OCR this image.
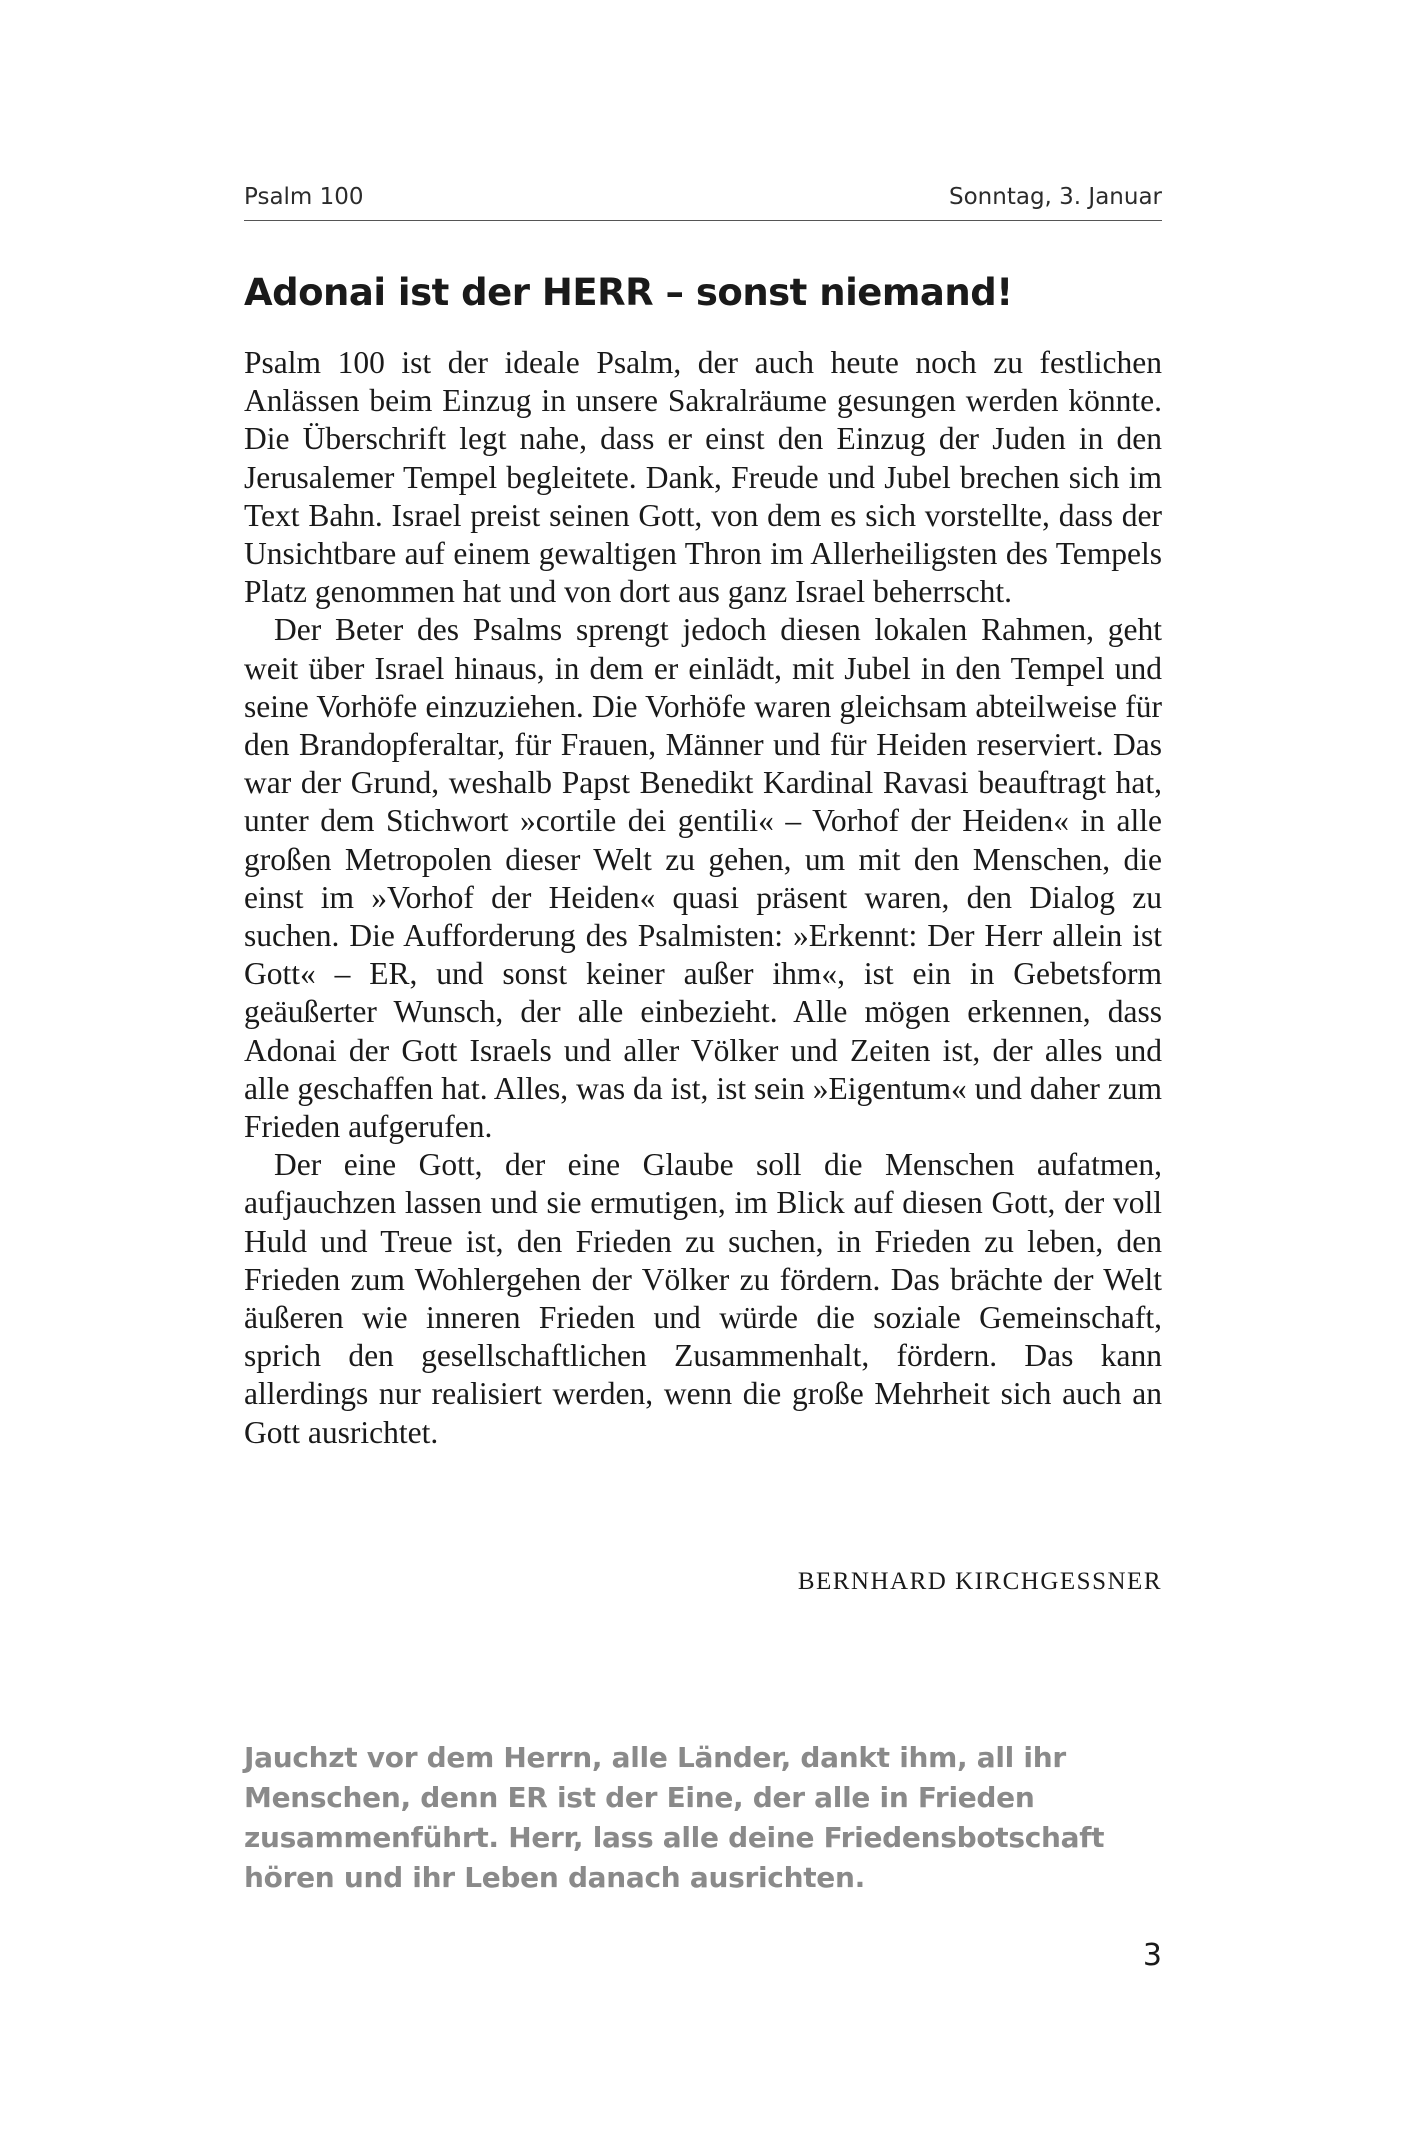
Psalm 100	Sonntag, 3. Januar
Adonai ist der HERR – sonst niemand!

Psalm 100 ist der ideale Psalm, der auch heute noch zu festlichen Anlässen beim Einzug in unsere Sakralräume gesungen werden könnte. Die Überschrift legt nahe, dass er einst den Einzug der Juden in den Jerusalemer Tempel begleitete. Dank, Freude und Jubel brechen sich im Text Bahn. Israel preist seinen Gott, von dem es sich vorstellte, dass der Unsichtbare auf einem gewaltigen Thron im Allerheiligsten des Tempels Platz genommen hat und von dort aus ganz Israel beherrscht.

Der Beter des Psalms sprengt jedoch diesen lokalen Rahmen, geht weit über Israel hinaus, in dem er einlädt, mit Jubel in den Tempel und seine Vorhöfe einzuziehen. Die Vorhöfe waren gleichsam abteilweise für den Brandopferaltar, für Frauen, Männer und für Heiden reserviert. Das war der Grund, weshalb Papst Benedikt Kardinal Ravasi beauftragt hat, unter dem Stichwort »cortile dei gentili« – Vorhof der Heiden« in alle großen Metropolen dieser Welt zu gehen, um mit den Menschen, die einst im »Vorhof der Heiden« quasi präsent waren, den Dialog zu suchen. Die Aufforderung des Psalmisten: »Erkennt: Der Herr allein ist Gott« – ER, und sonst keiner außer ihm«, ist ein in Gebetsform geäußerter Wunsch, der alle einbezieht. Alle mögen erkennen, dass Adonai der Gott Israels und aller Völker und Zeiten ist, der alles und alle geschaffen hat. Alles, was da ist, ist sein »Eigentum« und daher zum Frieden aufgerufen.

Der eine Gott, der eine Glaube soll die Menschen aufatmen, aufjauchzen lassen und sie ermutigen, im Blick auf diesen Gott, der voll Huld und Treue ist, den Frieden zu suchen, in Frieden zu leben, den Frieden zum Wohlergehen der Völker zu fördern. Das brächte der Welt äußeren wie inneren Frieden und würde die soziale Gemeinschaft, sprich den gesellschaftlichen Zusammenhalt, fördern. Das kann allerdings nur realisiert werden, wenn die große Mehrheit sich auch an Gott ausrichtet.

BERNHARD KIRCHGESSNER
Jauchzt vor dem Herrn, alle Länder, dankt ihm, all ihr Menschen, denn ER ist der Eine, der alle in Frieden zusammenführt. Herr, lass alle deine Friedensbotschaft hören und ihr Leben danach ausrichten.
3
